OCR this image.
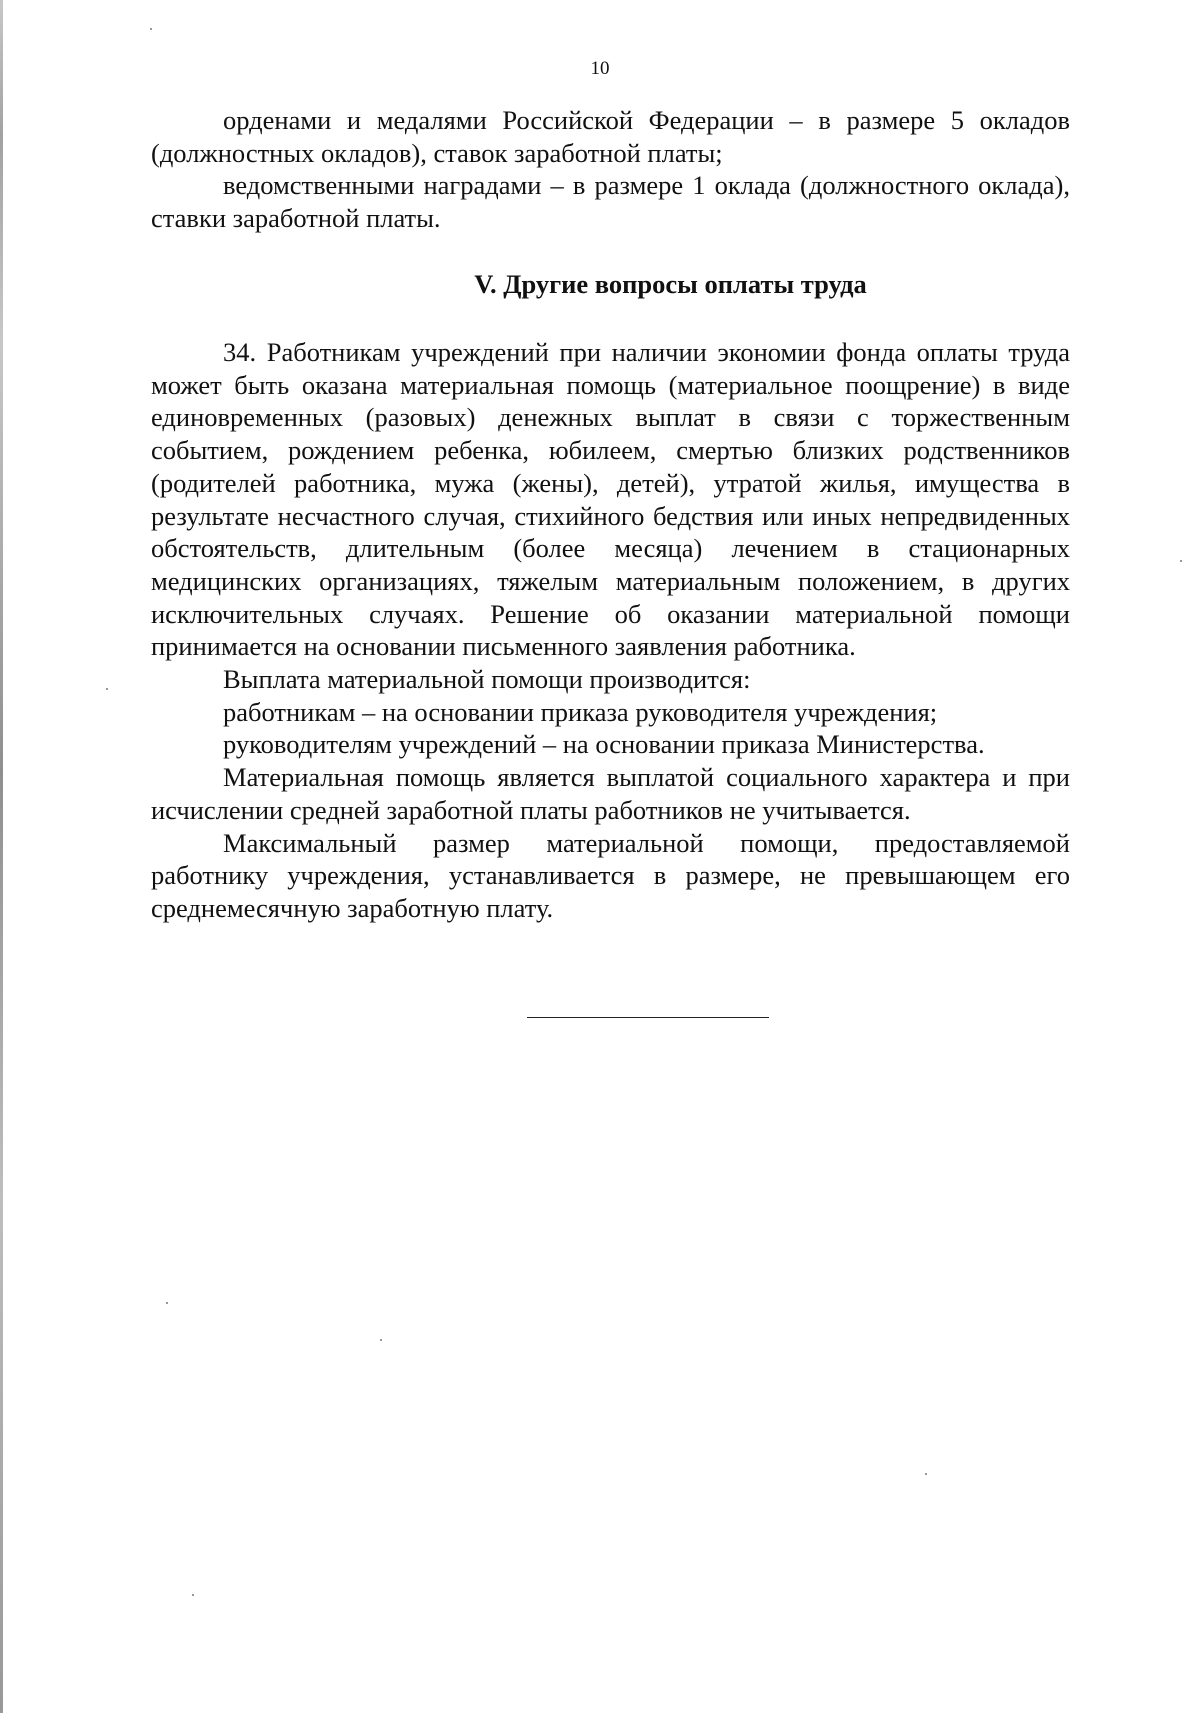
10

орденами и медалями Российской Федерации – в размере 5 окладов (должностных окладов), ставок заработной платы;

ведомственными наградами – в размере 1 оклада (должностного оклада), ставки заработной платы.

V. Другие вопросы оплаты труда

34. Работникам учреждений при наличии экономии фонда оплаты труда может быть оказана материальная помощь (материальное поощрение) в виде единовременных (разовых) денежных выплат в связи с торжественным событием, рождением ребенка, юбилеем, смертью близких родственников (родителей работника, мужа (жены), детей), утратой жилья, имущества в результате несчастного случая, стихийного бедствия или иных непредвиденных обстоятельств, длительным (более месяца) лечением в стационарных медицинских организациях, тяжелым материальным положением, в других исключительных случаях. Решение об оказании материальной помощи принимается на основании письменного заявления работника.

Выплата материальной помощи производится:

работникам – на основании приказа руководителя учреждения;

руководителям учреждений – на основании приказа Министерства.

Материальная помощь является выплатой социального характера и при исчислении средней заработной платы работников не учитывается.

Максимальный размер материальной помощи, предоставляемой работнику учреждения, устанавливается в размере, не превышающем его среднемесячную заработную плату.
